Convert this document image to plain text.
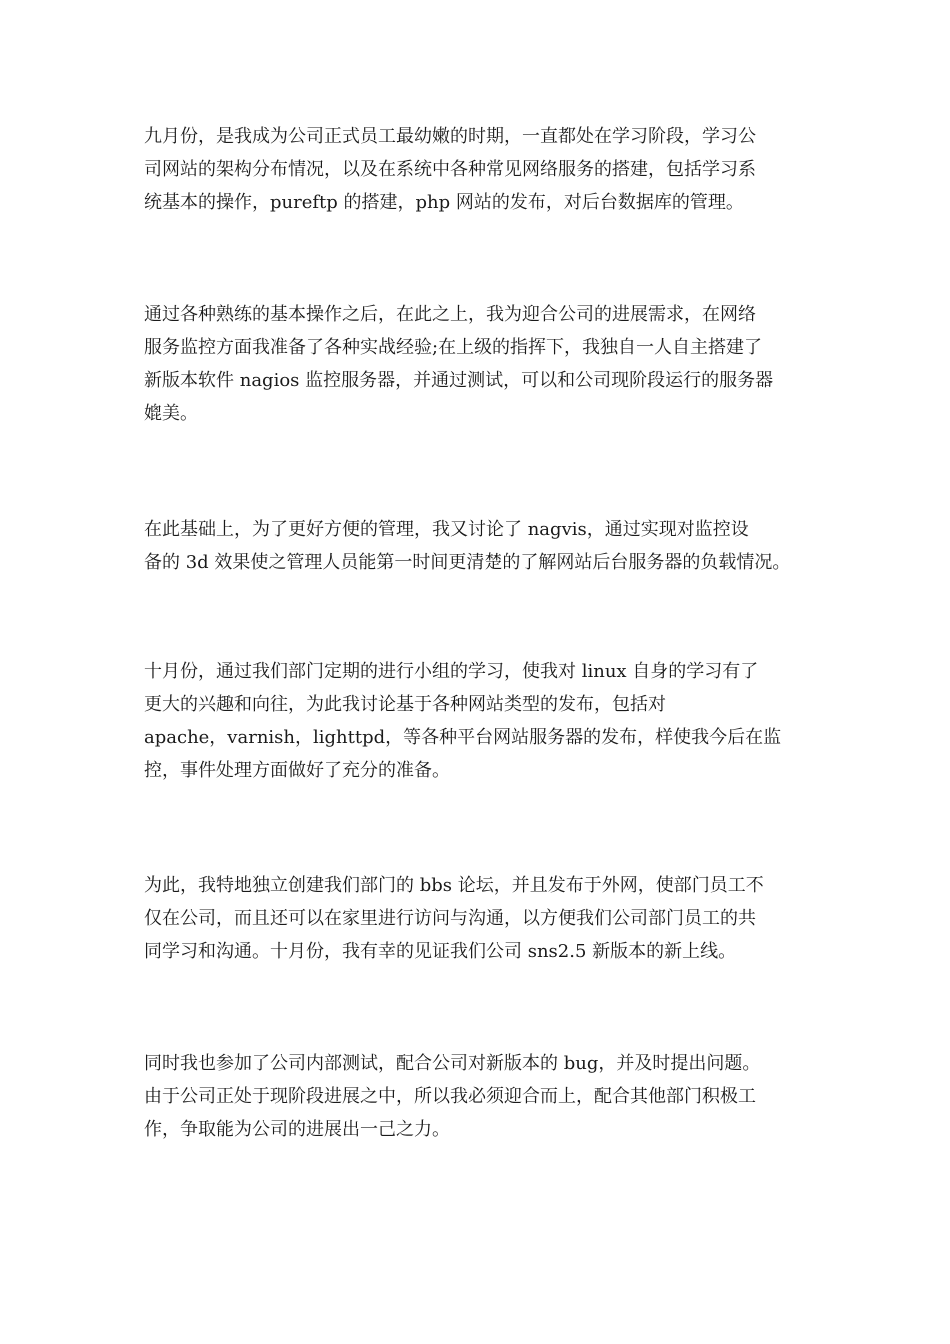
九月份，是我成为公司正式员工最幼嫩的时期，一直都处在学习阶段，学习公
司网站的架构分布情况，以及在系统中各种常见网络服务的搭建，包括学习系
统基本的操作，pureftp 的搭建，php 网站的发布，对后台数据库的管理。

通过各种熟练的基本操作之后，在此之上，我为迎合公司的进展需求，在网络
服务监控方面我准备了各种实战经验;在上级的指挥下，我独自一人自主搭建了
新版本软件 nagios 监控服务器，并通过测试，可以和公司现阶段运行的服务器
媲美。

在此基础上，为了更好方便的管理，我又讨论了 nagvis，通过实现对监控设
备的 3d 效果使之管理人员能第一时间更清楚的了解网站后台服务器的负载情况。

十月份，通过我们部门定期的进行小组的学习，使我对 linux 自身的学习有了
更大的兴趣和向往，为此我讨论基于各种网站类型的发布，包括对
apache，varnish，lighttpd，等各种平台网站服务器的发布，样使我今后在监
控，事件处理方面做好了充分的准备。

为此，我特地独立创建我们部门的 bbs 论坛，并且发布于外网，使部门员工不
仅在公司，而且还可以在家里进行访问与沟通，以方便我们公司部门员工的共
同学习和沟通。十月份，我有幸的见证我们公司 sns2.5 新版本的新上线。

同时我也参加了公司内部测试，配合公司对新版本的 bug，并及时提出问题。
由于公司正处于现阶段进展之中，所以我必须迎合而上，配合其他部门积极工
作，争取能为公司的进展出一己之力。
